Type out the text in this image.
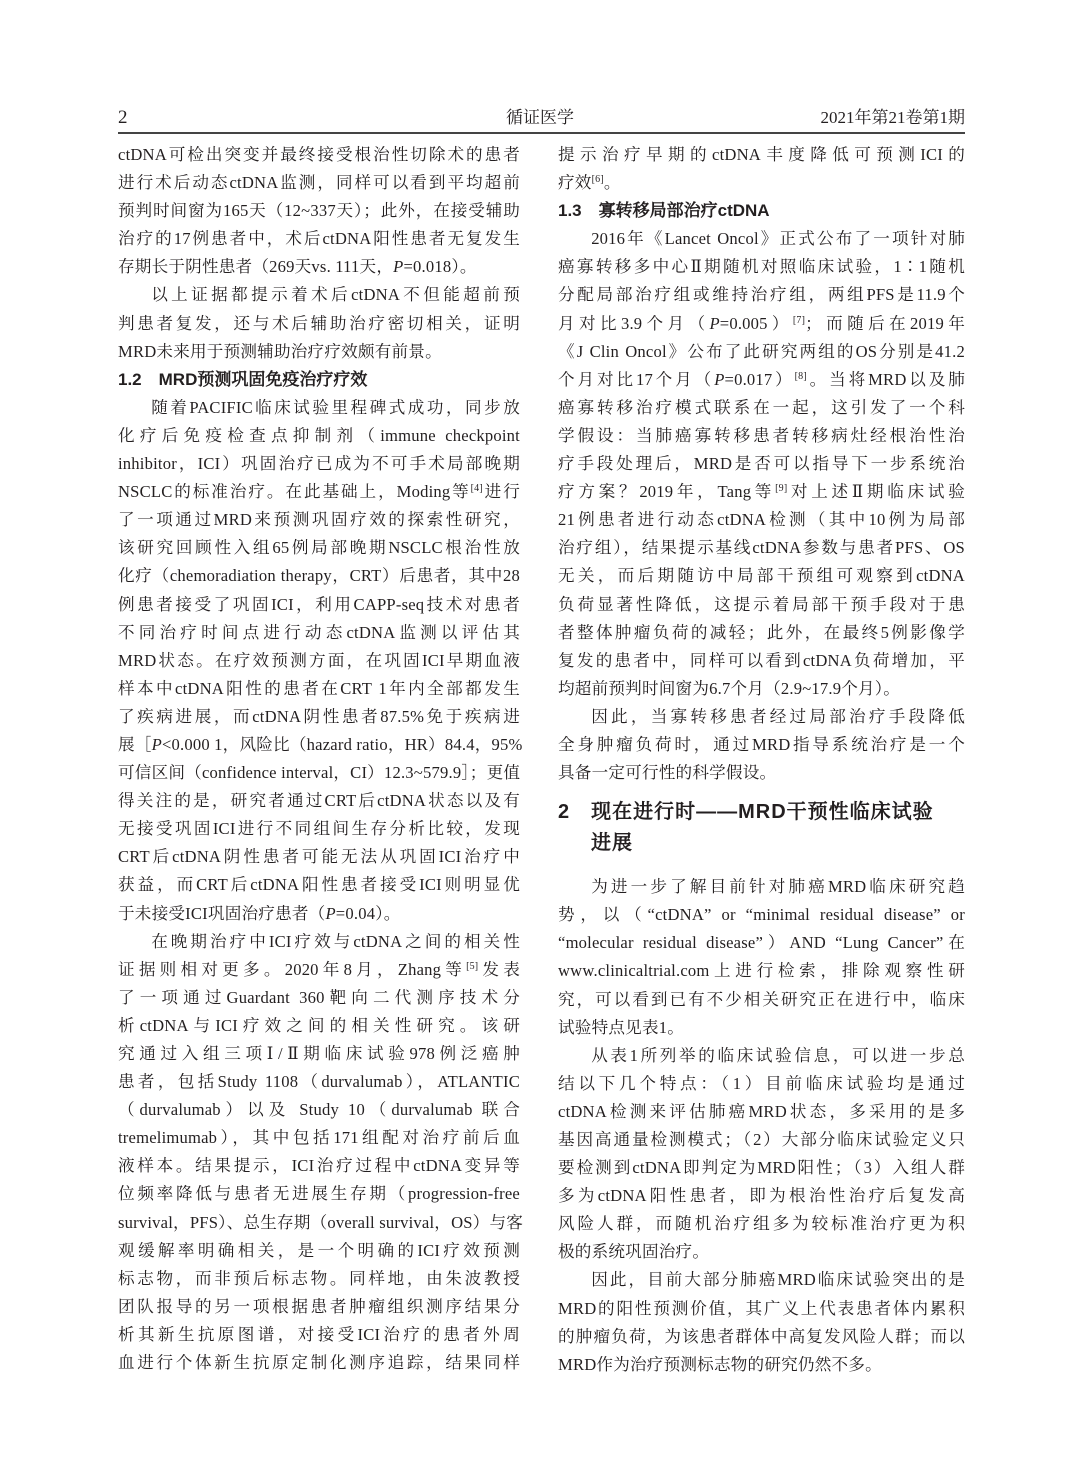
2	循证医学	2021年第21卷第1期
ctDNA可检出突变并最终接受根治性切除术的患者
进行术后动态ctDNA监测，同样可以看到平均超前
预判时间窗为165天（12~337天）；此外，在接受辅助
治疗的17例患者中，术后ctDNA阳性患者无复发生
存期长于阴性患者（269天vs. 111天，P=0.018）。
以上证据都提示着术后ctDNA不但能超前预
判患者复发，还与术后辅助治疗密切相关，证明
MRD未来用于预测辅助治疗疗效颇有前景。
1.2　MRD预测巩固免疫治疗疗效
随着PACIFIC临床试验里程碑式成功，同步放
化疗后免疫检查点抑制剂（immune checkpoint
inhibitor，ICI）巩固治疗已成为不可手术局部晚期
NSCLC的标准治疗。在此基础上，Moding等[4]进行
了一项通过MRD来预测巩固疗效的探索性研究，
该研究回顾性入组65例局部晚期NSCLC根治性放
化疗（chemoradiation therapy，CRT）后患者，其中28
例患者接受了巩固ICI，利用CAPP-seq技术对患者
不同治疗时间点进行动态ctDNA监测以评估其
MRD状态。在疗效预测方面，在巩固ICI早期血液
样本中ctDNA阳性的患者在CRT 1年内全部都发生
了疾病进展，而ctDNA阴性患者87.5%免于疾病进
展［P<0.000 1，风险比（hazard ratio，HR）84.4，95%
可信区间（confidence interval，CI）12.3~579.9］；更值
得关注的是，研究者通过CRT后ctDNA状态以及有
无接受巩固ICI进行不同组间生存分析比较，发现
CRT后ctDNA阴性患者可能无法从巩固ICI治疗中
获益，而CRT后ctDNA阳性患者接受ICI则明显优
于未接受ICI巩固治疗患者（P=0.04）。
在晚期治疗中ICI疗效与ctDNA之间的相关性
证据则相对更多。2020年8月，Zhang等[5]发表
了一项通过Guardant 360靶向二代测序技术分
析ctDNA与ICI疗效之间的相关性研究。该研
究通过入组三项Ⅰ/Ⅱ期临床试验978例泛癌肿
患者，包括Study 1108（durvalumab），ATLANTIC
（durvalumab）以及 Study 10（durvalumab 联合
tremelimumab），其中包括171组配对治疗前后血
液样本。结果提示，ICI治疗过程中ctDNA变异等
位频率降低与患者无进展生存期（progression-free
survival，PFS）、总生存期（overall survival，OS）与客
观缓解率明确相关，是一个明确的ICI疗效预测
标志物，而非预后标志物。同样地，由朱波教授
团队报导的另一项根据患者肿瘤组织测序结果分
析其新生抗原图谱，对接受ICI治疗的患者外周
血进行个体新生抗原定制化测序追踪，结果同样
提示治疗早期的ctDNA丰度降低可预测ICI的
疗效[6]。
1.3　寡转移局部治疗ctDNA
2016年《Lancet Oncol》正式公布了一项针对肺
癌寡转移多中心Ⅱ期随机对照临床试验，1∶1随机
分配局部治疗组或维持治疗组，两组PFS是11.9个
月对比3.9个月（P=0.005）[7]；而随后在2019年
《J Clin Oncol》公布了此研究两组的OS分别是41.2
个月对比17个月（P=0.017）[8]。当将MRD以及肺
癌寡转移治疗模式联系在一起，这引发了一个科
学假设：当肺癌寡转移患者转移病灶经根治性治
疗手段处理后，MRD是否可以指导下一步系统治
疗方案？2019年，Tang等[9]对上述Ⅱ期临床试验
21例患者进行动态ctDNA检测（其中10例为局部
治疗组），结果提示基线ctDNA参数与患者PFS、OS
无关，而后期随访中局部干预组可观察到ctDNA
负荷显著性降低，这提示着局部干预手段对于患
者整体肿瘤负荷的减轻；此外，在最终5例影像学
复发的患者中，同样可以看到ctDNA负荷增加，平
均超前预判时间窗为6.7个月（2.9~17.9个月）。
因此，当寡转移患者经过局部治疗手段降低
全身肿瘤负荷时，通过MRD指导系统治疗是一个
具备一定可行性的科学假设。
2　 现在进行时——MRD干预性临床试验
进展
为进一步了解目前针对肺癌MRD临床研究趋
势，以（“ctDNA” or “minimal residual disease” or
“molecular residual disease”）AND “Lung Cancer”在
www.clinicaltrial.com上进行检索，排除观察性研
究，可以看到已有不少相关研究正在进行中，临床
试验特点见表1。
从表1所列举的临床试验信息，可以进一步总
结以下几个特点：（1）目前临床试验均是通过
ctDNA检测来评估肺癌MRD状态，多采用的是多
基因高通量检测模式；（2）大部分临床试验定义只
要检测到ctDNA即判定为MRD阳性；（3）入组人群
多为ctDNA阳性患者，即为根治性治疗后复发高
风险人群，而随机治疗组多为较标准治疗更为积
极的系统巩固治疗。
因此，目前大部分肺癌MRD临床试验突出的是
MRD的阳性预测价值，其广义上代表患者体内累积
的肿瘤负荷，为该患者群体中高复发风险人群；而以
MRD作为治疗预测标志物的研究仍然不多。
